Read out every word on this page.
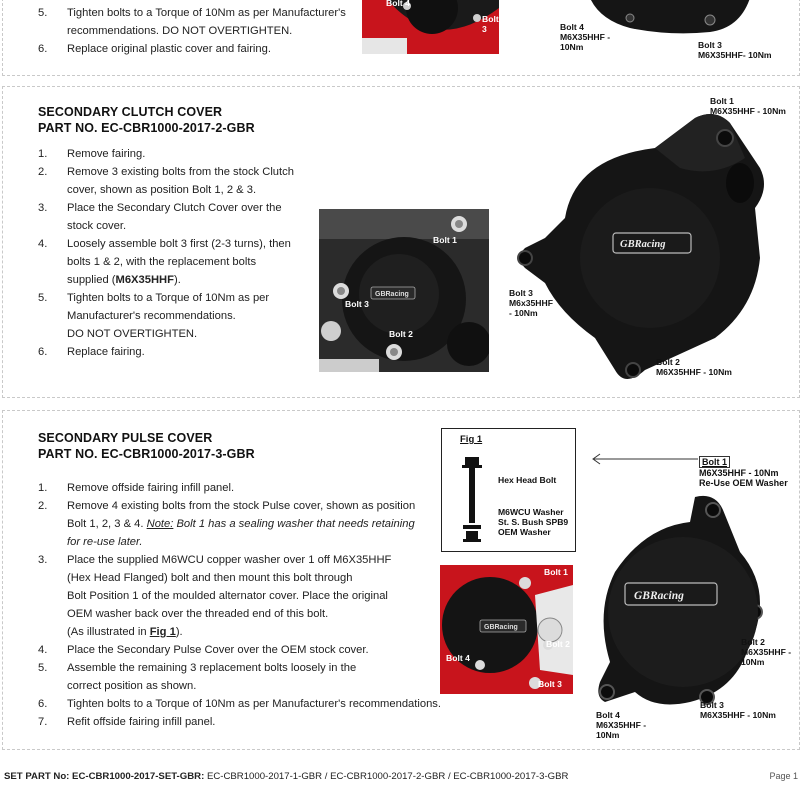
5. Tighten bolts to a Torque of 10Nm as per Manufacturer's
recommendations. DO NOT OVERTIGHTEN.
6. Replace original plastic cover and fairing.
Bolt 4
Bolt 3	Bolt 4
M6X35HHF -
10Nm	Bolt 3
M6X35HHF- 10Nm
SECONDARY CLUTCH COVER
PART NO. EC-CBR1000-2017-2-GBR
1. Remove fairing.
2. Remove 3 existing bolts from the stock Clutch
cover, shown as position Bolt 1, 2 & 3.
3. Place the Secondary Clutch Cover over the
stock cover.
4. Loosely assemble bolt 3 first (2-3 turns), then
bolts 1 & 2, with the replacement bolts
supplied (M6X35HHF).
5. Tighten bolts to a Torque of 10Nm as per
Manufacturer's recommendations.
DO NOT OVERTIGHTEN.
6. Replace fairing.
GBRacing
Bolt 1
Bolt 3
Bolt 2
GBRacing
Bolt 1
M6X35HHF - 10Nm
Bolt 3
M6x35HHF
- 10Nm
Bolt 2
M6X35HHF - 10Nm
SECONDARY PULSE COVER
PART NO. EC-CBR1000-2017-3-GBR
1. Remove offside fairing infill panel.
2. Remove 4 existing bolts from the stock Pulse cover, shown as position
Bolt 1, 2, 3 & 4. Note: Bolt 1 has a sealing washer that needs retaining
for re-use later.
3. Place the supplied M6WCU copper washer over 1 off M6X35HHF
(Hex Head Flanged) bolt and then mount this bolt through
Bolt Position 1 of the moulded alternator cover. Place the original
OEM washer back over the threaded end of this bolt.
(As illustrated in Fig 1).
4. Place the Secondary Pulse Cover over the OEM stock cover.
5. Assemble the remaining 3 replacement bolts loosely in the
correct position as shown.
6. Tighten bolts to a Torque of 10Nm as per Manufacturer's recommendations.
7. Refit offside fairing infill panel.
Fig 1
Hex Head Bolt
M6WCU Washer
St. S. Bush SPB9
OEM Washer
GBRacing
Bolt 1
Bolt 2
Bolt 4
Bolt 3
GBRacing
Bolt 1
M6X35HHF - 10Nm
Re-Use OEM Washer
Bolt 2
M6X35HHF -
10Nm
Bolt 4
M6X35HHF -
10Nm
Bolt 3
M6X35HHF - 10Nm
SET PART No: EC-CBR1000-2017-SET-GBR: EC-CBR1000-2017-1-GBR / EC-CBR1000-2017-2-GBR / EC-CBR1000-2017-3-GBR	Page 1
